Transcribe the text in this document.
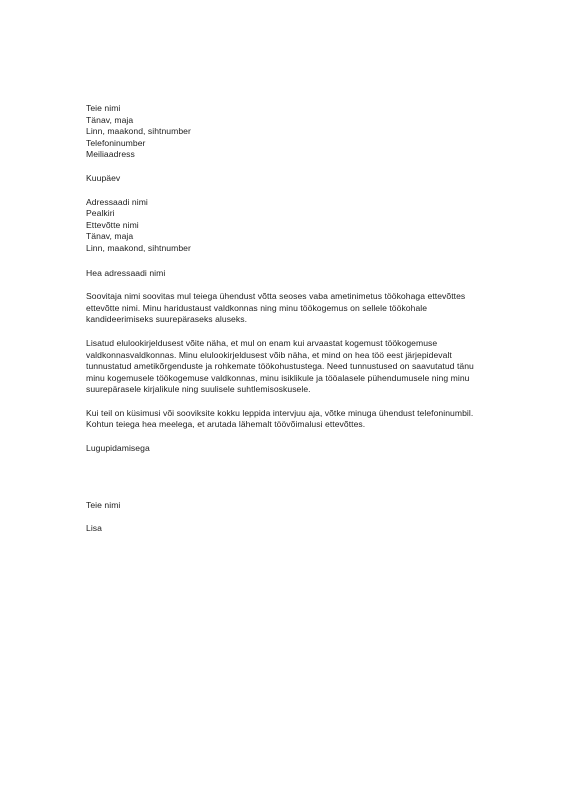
Teie nimi
Tänav, maja
Linn, maakond, sihtnumber
Telefoninumber
Meiliaadress
Kuupäev
Adressaadi nimi
Pealkiri
Ettevõtte nimi
Tänav, maja
Linn, maakond, sihtnumber
Hea adressaadi nimi
Soovitaja nimi soovitas mul teiega ühendust võtta seoses vaba ametinimetus töökohaga ettevõttes
ettevõtte nimi. Minu haridustaust valdkonnas ning minu töökogemus on sellele töökohale
kandideerimiseks suurepäraseks aluseks.
Lisatud elulookirjeldusest võite näha, et mul on enam kui arvaastat kogemust töökogemuse
valdkonnasvaldkonnas. Minu elulookirjeldusest võib näha, et mind on hea töö eest järjepidevalt
tunnustatud ametikõrgenduste ja rohkemate töökohustustega. Need tunnustused on saavutatud tänu
minu kogemusele töökogemuse valdkonnas, minu isiklikule ja tööalasele pühendumusele ning minu
suurepärasele kirjalikule ning suulisele suhtlemisoskusele.
Kui teil on küsimusi või sooviksite kokku leppida intervjuu aja, võtke minuga ühendust telefoninumbil.
Kohtun teiega hea meelega, et arutada lähemalt töövõimalusi ettevõttes.
Lugupidamisega
Teie nimi
Lisa
